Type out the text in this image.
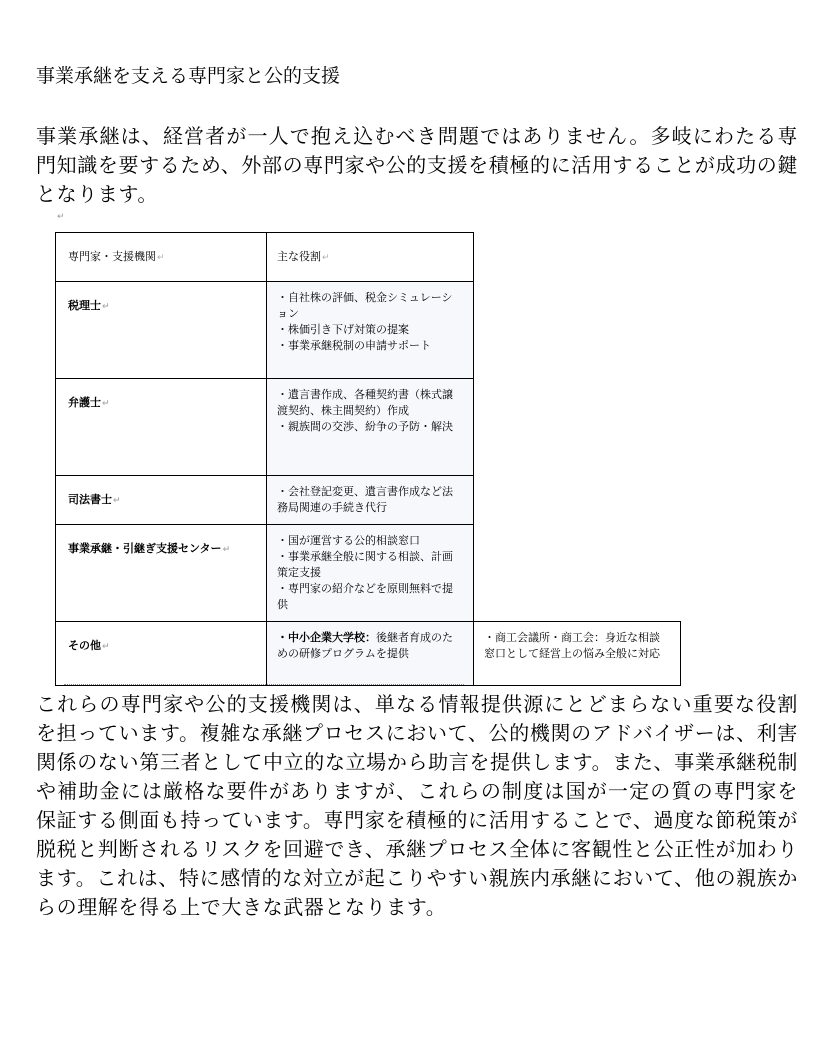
事業承継を支える専門家と公的支援
事業承継は、経営者が一人で抱え込むべき問題ではありません。多岐にわたる専門知識を要するため、外部の専門家や公的支援を積極的に活用することが成功の鍵となります。
↵
専門家・支援機関↵	主な役割↵	

税理士↵	・自社株の評価、税金シミュレーション
・株価引き下げ対策の提案
・事業承継税制の申請サポート	

弁護士↵	・遺言書作成、各種契約書（株式譲渡契約、株主間契約）作成
・親族間の交渉、紛争の予防・解決	

司法書士↵	・会社登記変更、遺言書作成など法務局関連の手続き代行	

事業承継・引継ぎ支援センター↵	・国が運営する公的相談窓口
・事業承継全般に関する相談、計画策定支援
・専門家の紹介などを原則無料で提供	

その他↵	・中小企業大学校：後継者育成のための研修プログラムを提供	・商工会議所・商工会：身近な相談窓口として経営上の悩み全般に対応
これらの専門家や公的支援機関は、単なる情報提供源にとどまらない重要な役割を担っています。複雑な承継プロセスにおいて、公的機関のアドバイザーは、利害関係のない第三者として中立的な立場から助言を提供します。また、事業承継税制や補助金には厳格な要件がありますが、これらの制度は国が一定の質の専門家を保証する側面も持っています。専門家を積極的に活用することで、過度な節税策が脱税と判断されるリスクを回避でき、承継プロセス全体に客観性と公正性が加わります。これは、特に感情的な対立が起こりやすい親族内承継において、他の親族からの理解を得る上で大きな武器となります。
